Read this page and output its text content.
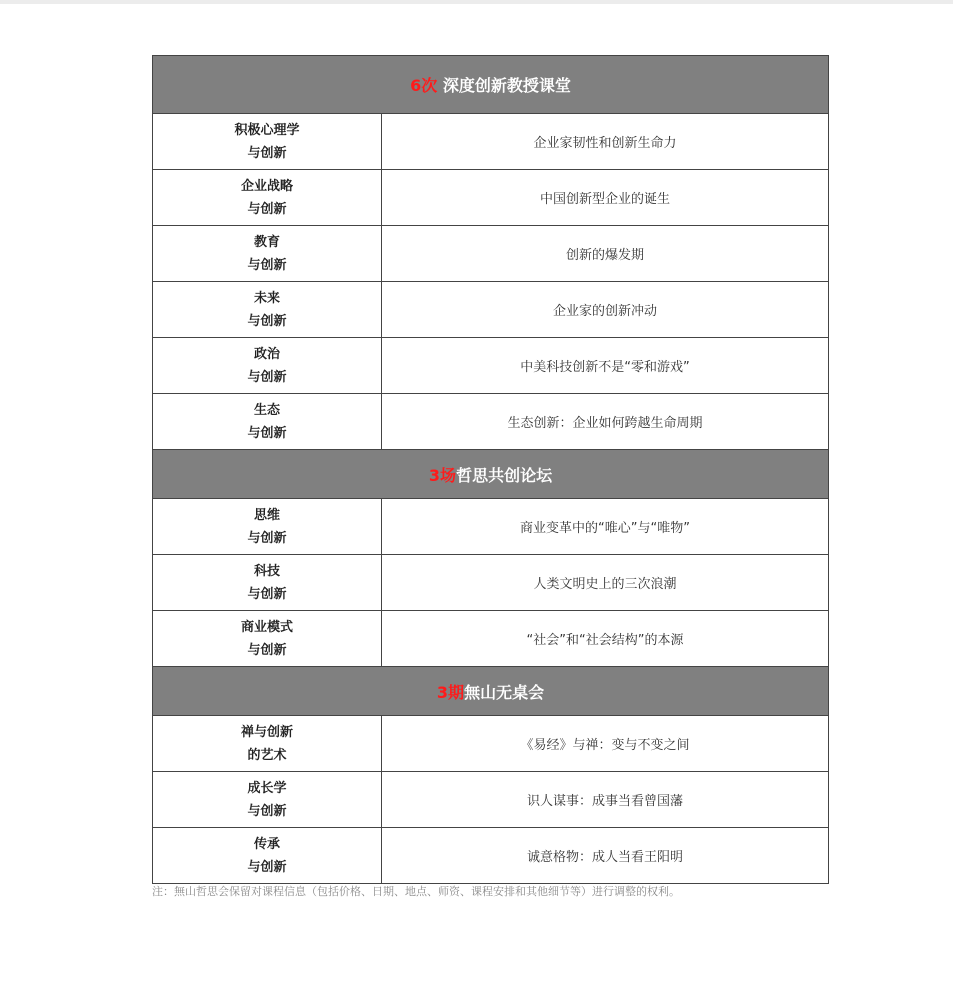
6次 深度创新教授课堂	

积极心理学
与创新	企业家韧性和创新生命力

企业战略
与创新	中国创新型企业的诞生

教育
与创新	创新的爆发期

未来
与创新	企业家的创新冲动

政治
与创新	中美科技创新不是“零和游戏”

生态
与创新	生态创新：企业如何跨越生命周期
3场哲思共创论坛	

思维
与创新	商业变革中的“唯心”与“唯物”

科技
与创新	人类文明史上的三次浪潮

商业模式
与创新	“社会”和“社会结构”的本源
3期無山无桌会	

禅与创新
的艺术	《易经》与禅：变与不变之间

成长学
与创新	识人谋事：成事当看曾国藩

传承
与创新	诚意格物：成人当看王阳明
注：無山哲思会保留对课程信息（包括价格、日期、地点、师资、课程安排和其他细节等）进行调整的权利。
